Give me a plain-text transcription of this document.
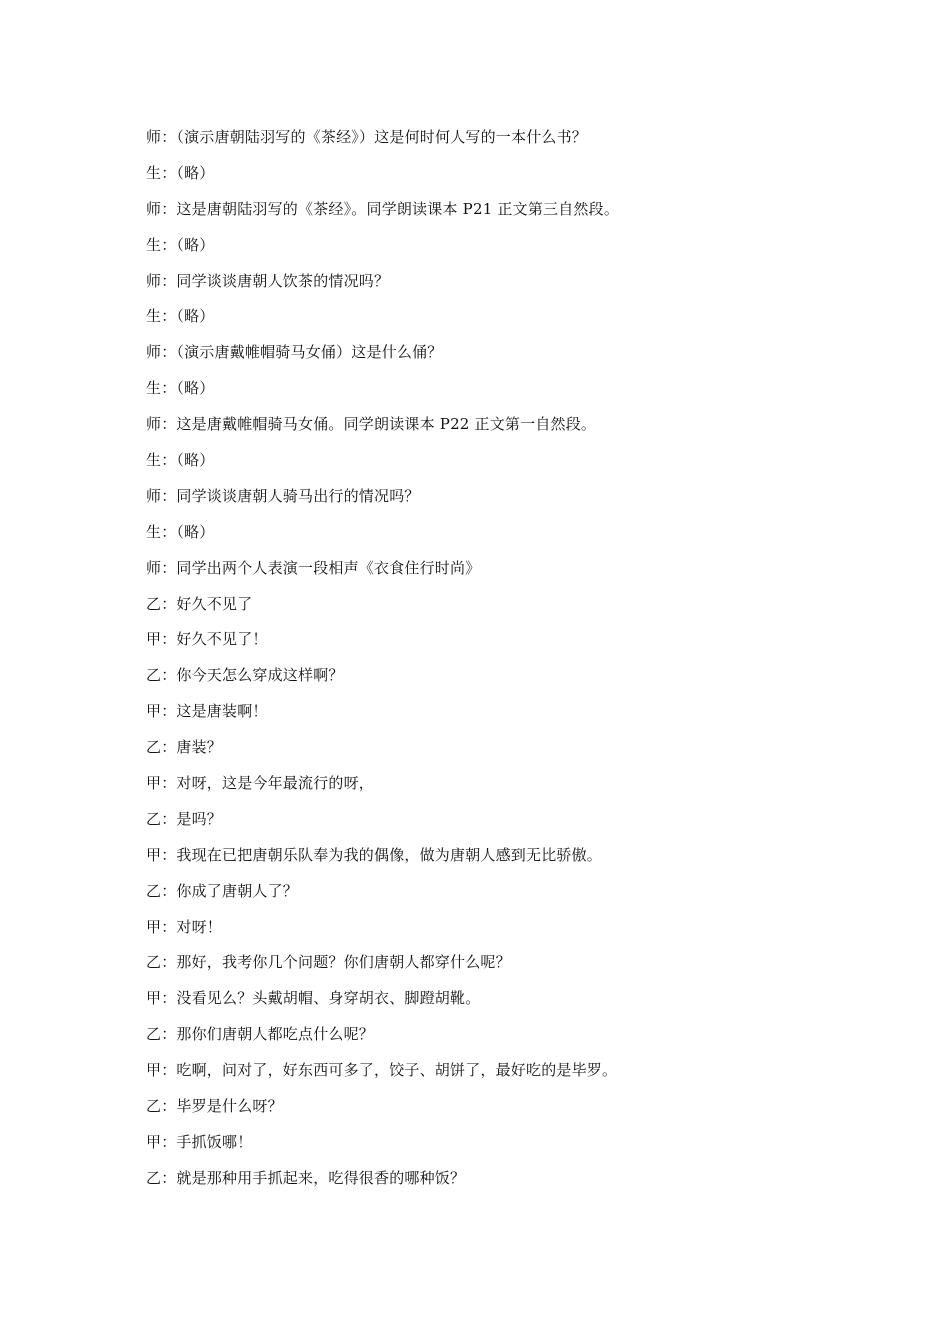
师：（演示唐朝陆羽写的《茶经》）这是何时何人写的一本什么书？
生：（略）
师：这是唐朝陆羽写的《茶经》。同学朗读课本 P21 正文第三自然段。
生：（略）
师：同学谈谈唐朝人饮茶的情况吗？
生：（略）
师：（演示唐戴帷帽骑马女俑）这是什么俑？
生：（略）
师：这是唐戴帷帽骑马女俑。同学朗读课本 P22 正文第一自然段。
生：（略）
师：同学谈谈唐朝人骑马出行的情况吗？
生：（略）
师：同学出两个人表演一段相声《衣食住行时尚》
乙：好久不见了
甲：好久不见了！
乙：你今天怎么穿成这样啊？
甲：这是唐装啊！
乙：唐装？
甲：对呀，这是今年最流行的呀，
乙：是吗？
甲：我现在已把唐朝乐队奉为我的偶像，做为唐朝人感到无比骄傲。
乙：你成了唐朝人了？
甲：对呀！
乙：那好，我考你几个问题？你们唐朝人都穿什么呢？
甲：没看见么？头戴胡帽、身穿胡衣、脚蹬胡靴。
乙：那你们唐朝人都吃点什么呢？
甲：吃啊，问对了，好东西可多了，饺子、胡饼了，最好吃的是毕罗。
乙：毕罗是什么呀？
甲：手抓饭哪！
乙：就是那种用手抓起来，吃得很香的哪种饭？
